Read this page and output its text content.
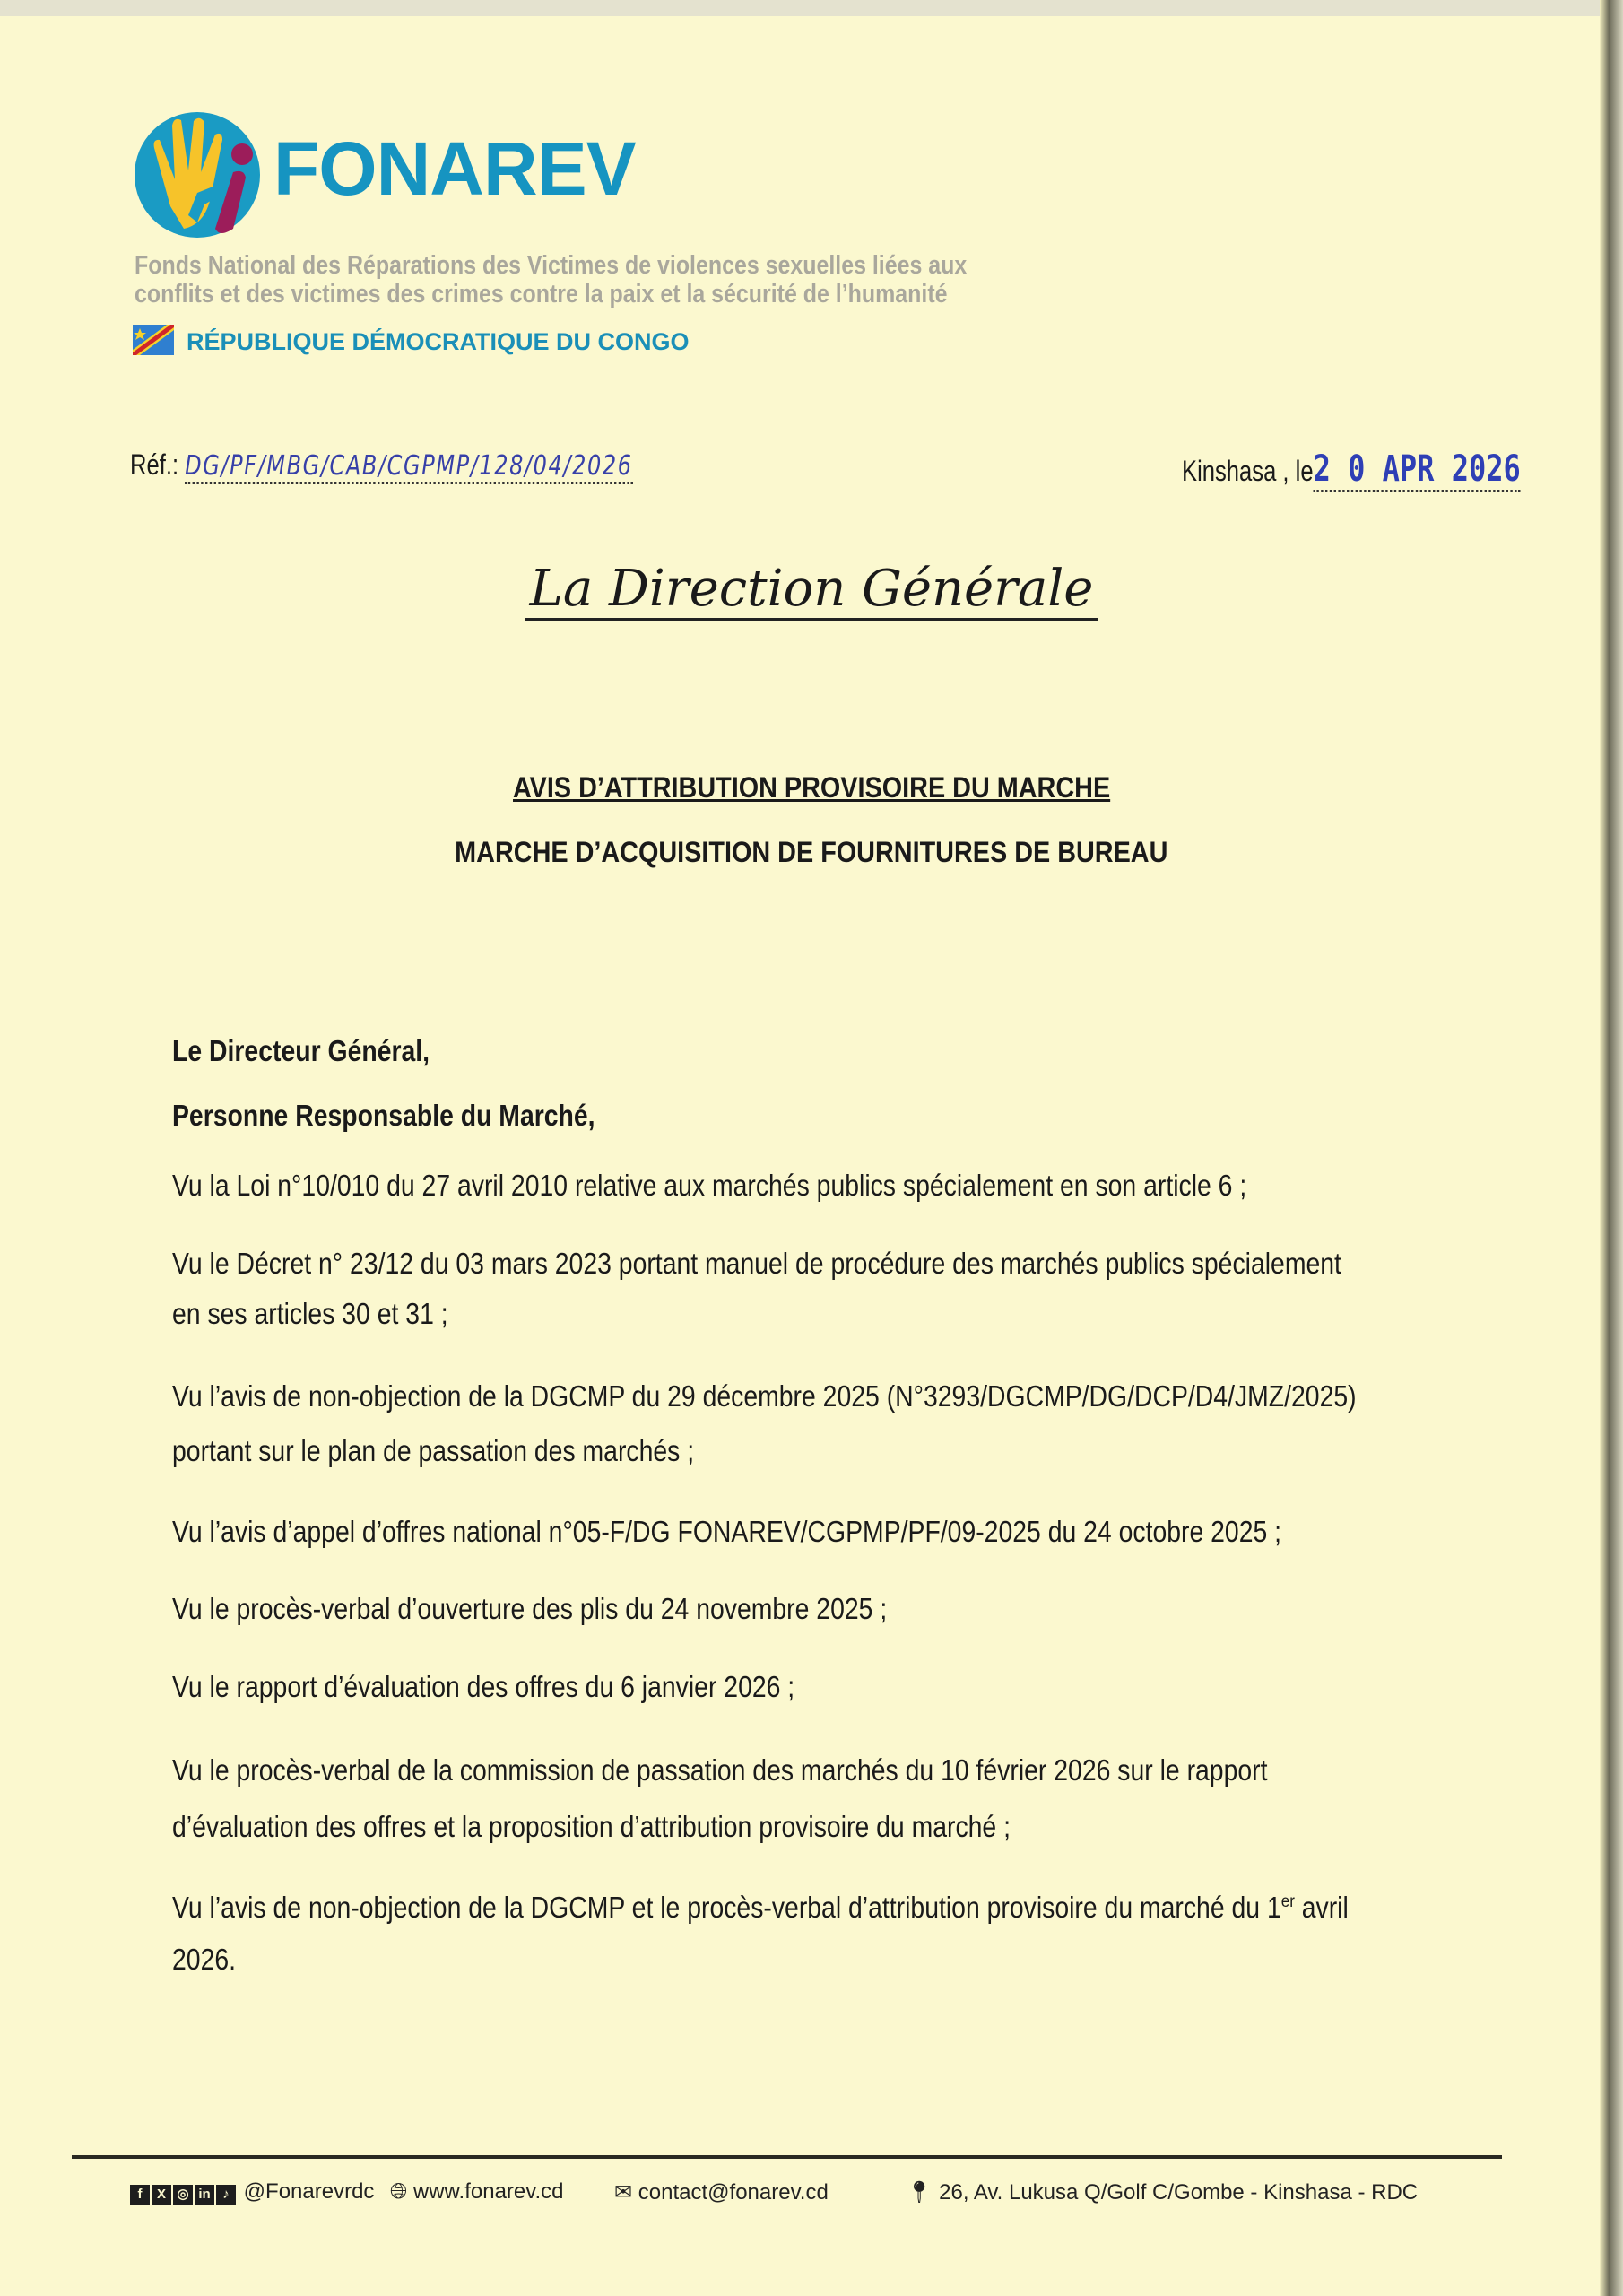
FONAREV
Fonds National des Réparations des Victimes de violences sexuelles liées aux
conflits et des victimes des crimes contre la paix et la sécurité de l’humanité
RÉPUBLIQUE DÉMOCRATIQUE DU CONGO
Réf.: DG/PF/MBG/CAB/CGPMP/128/04/2026	Kinshasa , le2 0 APR 2026
La Direction Générale
AVIS D’ATTRIBUTION PROVISOIRE DU MARCHE
MARCHE D’ACQUISITION DE FOURNITURES DE BUREAU
Le Directeur Général,
Personne Responsable du Marché,
Vu la Loi n°10/010 du 27 avril 2010 relative aux marchés publics spécialement en son article 6 ;
Vu le Décret n° 23/12 du 03 mars 2023 portant manuel de procédure des marchés publics spécialement
en ses articles 30 et 31 ;
Vu l’avis de non-objection de la DGCMP du 29 décembre 2025 (N°3293/DGCMP/DG/DCP/D4/JMZ/2025)
portant sur le plan de passation des marchés ;
Vu l’avis d’appel d’offres national n°05-F/DG FONAREV/CGPMP/PF/09-2025 du 24 octobre 2025 ;
Vu le procès-verbal d’ouverture des plis du 24 novembre 2025 ;
Vu le rapport d’évaluation des offres du 6 janvier 2026 ;
Vu le procès-verbal de la commission de passation des marchés du 10 février 2026 sur le rapport
d’évaluation des offres et la proposition d’attribution provisoire du marché ;
Vu l’avis de non-objection de la DGCMP et le procès-verbal d’attribution provisoire du marché du 1er avril
2026.
f X ◎ in ♪ @Fonarevrdc 🌐︎ www.fonarev.cd ✉ contact@fonarev.cd	📍︎ 26, Av. Lukusa Q/Golf C/Gombe - Kinshasa - RDC
